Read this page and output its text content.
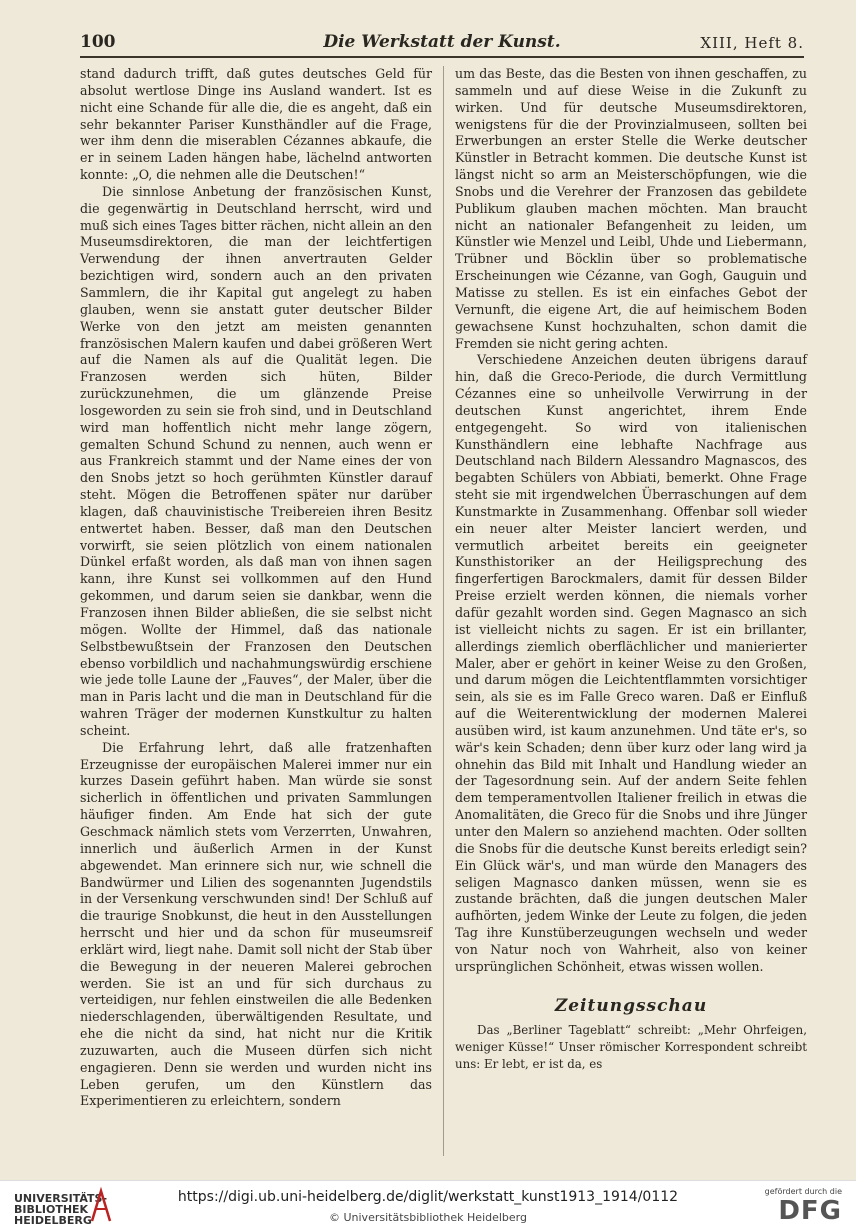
100	Die Werkstatt der Kunst.	XIII, Heft 8.

stand dadurch trifft, daß gutes deutsches Geld für absolut wertlose Dinge ins Ausland wandert. Ist es nicht eine Schande für alle die, die es angeht, daß ein sehr bekannter Pariser Kunsthändler auf die Frage, wer ihm denn die miserablen Cézannes abkaufe, die er in seinem Laden hängen habe, lächelnd antworten konnte: „O, die nehmen alle die Deutschen!“

Die sinnlose Anbetung der französischen Kunst, die gegenwärtig in Deutschland herrscht, wird und muß sich eines Tages bitter rächen, nicht allein an den Museumsdirektoren, die man der leichtfertigen Verwendung der ihnen anvertrauten Gelder bezichtigen wird, sondern auch an den privaten Sammlern, die ihr Kapital gut angelegt zu haben glauben, wenn sie anstatt guter deutscher Bilder Werke von den jetzt am meisten genannten französischen Malern kaufen und dabei größeren Wert auf die Namen als auf die Qualität legen. Die Franzosen werden sich hüten, Bilder zurückzunehmen, die um glänzende Preise losgeworden zu sein sie froh sind, und in Deutschland wird man hoffentlich nicht mehr lange zögern, gemalten Schund Schund zu nennen, auch wenn er aus Frankreich stammt und der Name eines der von den Snobs jetzt so hoch gerühmten Künstler darauf steht. Mögen die Betroffenen später nur darüber klagen, daß chauvinistische Treibereien ihren Besitz entwertet haben. Besser, daß man den Deutschen vorwirft, sie seien plötzlich von einem nationalen Dünkel erfaßt worden, als daß man von ihnen sagen kann, ihre Kunst sei vollkommen auf den Hund gekommen, und darum seien sie dankbar, wenn die Franzosen ihnen Bilder abließen, die sie selbst nicht mögen. Wollte der Himmel, daß das nationale Selbstbewußtsein der Franzosen den Deutschen ebenso vorbildlich und nachahmungswürdig erschiene wie jede tolle Laune der „Fauves“, der Maler, über die man in Paris lacht und die man in Deutschland für die wahren Träger der modernen Kunstkultur zu halten scheint.

Die Erfahrung lehrt, daß alle fratzenhaften Erzeugnisse der europäischen Malerei immer nur ein kurzes Dasein geführt haben. Man würde sie sonst sicherlich in öffentlichen und privaten Sammlungen häufiger finden. Am Ende hat sich der gute Geschmack nämlich stets vom Verzerrten, Unwahren, innerlich und äußerlich Armen in der Kunst abgewendet. Man erinnere sich nur, wie schnell die Bandwürmer und Lilien des sogenannten Jugendstils in der Versenkung verschwunden sind! Der Schluß auf die traurige Snobkunst, die heut in den Ausstellungen herrscht und hier und da schon für museumsreif erklärt wird, liegt nahe. Damit soll nicht der Stab über die Bewegung in der neueren Malerei gebrochen werden. Sie ist an und für sich durchaus zu verteidigen, nur fehlen einstweilen die alle Bedenken niederschlagenden, überwältigenden Resultate, und ehe die nicht da sind, hat nicht nur die Kritik zuzuwarten, auch die Museen dürfen sich nicht engagieren. Denn sie werden und wurden nicht ins Leben gerufen, um den Künstlern das Experimentieren zu erleichtern, sondern

um das Beste, das die Besten von ihnen geschaffen, zu sammeln und auf diese Weise in die Zukunft zu wirken. Und für deutsche Museumsdirektoren, wenigstens für die der Provinzialmuseen, sollten bei Erwerbungen an erster Stelle die Werke deutscher Künstler in Betracht kommen. Die deutsche Kunst ist längst nicht so arm an Meisterschöpfungen, wie die Snobs und die Verehrer der Franzosen das gebildete Publikum glauben machen möchten. Man braucht nicht an nationaler Befangenheit zu leiden, um Künstler wie Menzel und Leibl, Uhde und Liebermann, Trübner und Böcklin über so problematische Erscheinungen wie Cézanne, van Gogh, Gauguin und Matisse zu stellen. Es ist ein einfaches Gebot der Vernunft, die eigene Art, die auf heimischem Boden gewachsene Kunst hochzuhalten, schon damit die Fremden sie nicht gering achten.

Verschiedene Anzeichen deuten übrigens darauf hin, daß die Greco-Periode, die durch Vermittlung Cézannes eine so unheilvolle Verwirrung in der deutschen Kunst angerichtet, ihrem Ende entgegengeht. So wird von italienischen Kunsthändlern eine lebhafte Nachfrage aus Deutschland nach Bildern Alessandro Magnascos, des begabten Schülers von Abbiati, bemerkt. Ohne Frage steht sie mit irgendwelchen Überraschungen auf dem Kunstmarkte in Zusammenhang. Offenbar soll wieder ein neuer alter Meister lanciert werden, und vermutlich arbeitet bereits ein geeigneter Kunsthistoriker an der Heiligsprechung des fingerfertigen Barockmalers, damit für dessen Bilder Preise erzielt werden können, die niemals vorher dafür gezahlt worden sind. Gegen Magnasco an sich ist vielleicht nichts zu sagen. Er ist ein brillanter, allerdings ziemlich oberflächlicher und manierierter Maler, aber er gehört in keiner Weise zu den Großen, und darum mögen die Leichtentflammten vorsichtiger sein, als sie es im Falle Greco waren. Daß er Einfluß auf die Weiterentwicklung der modernen Malerei ausüben wird, ist kaum anzunehmen. Und täte er's, so wär's kein Schaden; denn über kurz oder lang wird ja ohnehin das Bild mit Inhalt und Handlung wieder an der Tagesordnung sein. Auf der andern Seite fehlen dem temperamentvollen Italiener freilich in etwas die Anomalitäten, die Greco für die Snobs und ihre Jünger unter den Malern so anziehend machten. Oder sollten die Snobs für die deutsche Kunst bereits erledigt sein? Ein Glück wär's, und man würde den Managers des seligen Magnasco danken müssen, wenn sie es zustande brächten, daß die jungen deutschen Maler aufhörten, jedem Winke der Leute zu folgen, die jeden Tag ihre Kunstüberzeugungen wechseln und weder von Natur noch von Wahrheit, also von keiner ursprünglichen Schönheit, etwas wissen wollen.

Zeitungsschau

Das „Berliner Tageblatt“ schreibt: „Mehr Ohrfeigen, weniger Küsse!“ Unser römischer Korrespondent schreibt uns: Er lebt, er ist da, es

UNIVERSITÄTS-
BIBLIOTHEK
HEIDELBERG
https://digi.ub.uni-heidelberg.de/diglit/werkstatt_kunst1913_1914/0112
© Universitätsbibliothek Heidelberg
gefördert durch die
DFG
